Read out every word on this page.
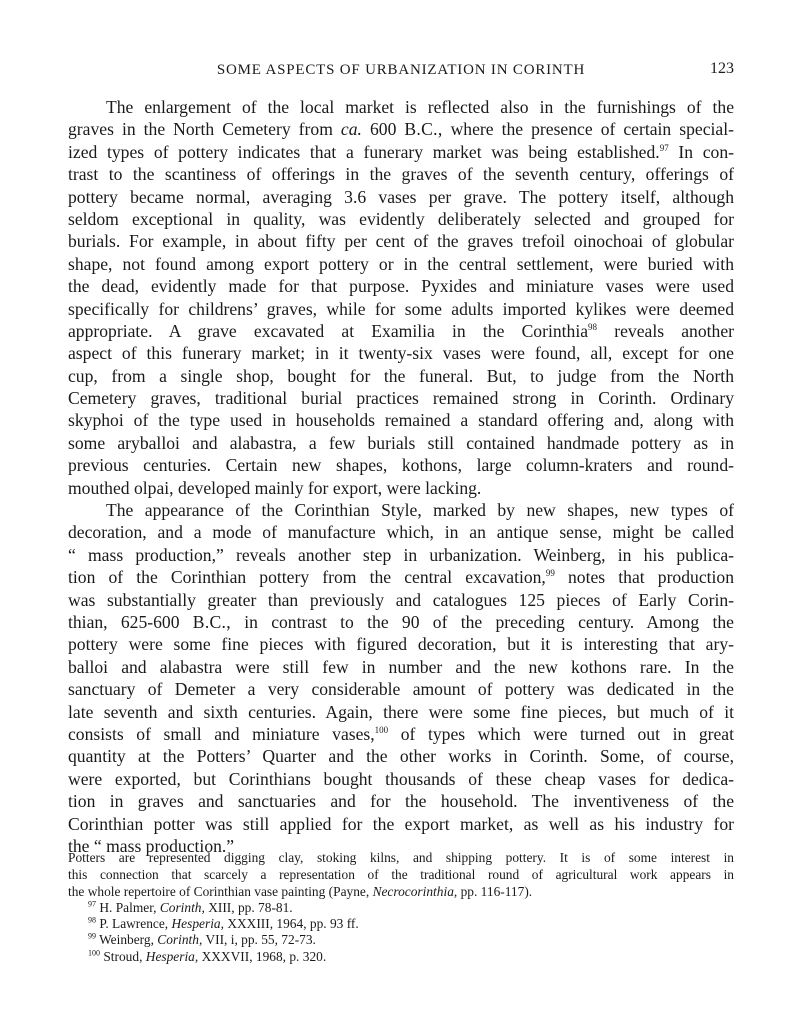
SOME ASPECTS OF URBANIZATION IN CORINTH	123
The enlargement of the local market is reflected also in the furnishings of the
graves in the North Cemetery from ca. 600 B.C., where the presence of certain special-
ized types of pottery indicates that a funerary market was being established.$^{97}$ In con-
trast to the scantiness of offerings in the graves of the seventh century, offerings of
pottery became normal, averaging 3.6 vases per grave. The pottery itself, although
seldom exceptional in quality, was evidently deliberately selected and grouped for
burials. For example, in about fifty per cent of the graves trefoil oinochoai of globular
shape, not found among export pottery or in the central settlement, were buried with
the dead, evidently made for that purpose. Pyxides and miniature vases were used
specifically for childrens’ graves, while for some adults imported kylikes were deemed
appropriate. A grave excavated at Examilia in the Corinthia$^{98}$ reveals another
aspect of this funerary market; in it twenty-six vases were found, all, except for one
cup, from a single shop, bought for the funeral. But, to judge from the North
Cemetery graves, traditional burial practices remained strong in Corinth. Ordinary
skyphoi of the type used in households remained a standard offering and, along with
some aryballoi and alabastra, a few burials still contained handmade pottery as in
previous centuries. Certain new shapes, kothons, large column-kraters and round-
mouthed olpai, developed mainly for export, were lacking.
The appearance of the Corinthian Style, marked by new shapes, new types of
decoration, and a mode of manufacture which, in an antique sense, might be called
“ mass production,” reveals another step in urbanization. Weinberg, in his publica-
tion of the Corinthian pottery from the central excavation,$^{99}$ notes that production
was substantially greater than previously and catalogues 125 pieces of Early Corin-
thian, 625-600 B.C., in contrast to the 90 of the preceding century. Among the
pottery were some fine pieces with figured decoration, but it is interesting that ary-
balloi and alabastra were still few in number and the new kothons rare. In the
sanctuary of Demeter a very considerable amount of pottery was dedicated in the
late seventh and sixth centuries. Again, there were some fine pieces, but much of it
consists of small and miniature vases,$^{100}$ of types which were turned out in great
quantity at the Potters’ Quarter and the other works in Corinth. Some, of course,
were exported, but Corinthians bought thousands of these cheap vases for dedica-
tion in graves and sanctuaries and for the household. The inventiveness of the
Corinthian potter was still applied for the export market, as well as his industry for
the “ mass production.”
Potters are represented digging clay, stoking kilns, and shipping pottery. It is of some interest in
this connection that scarcely a representation of the traditional round of agricultural work appears in
the whole repertoire of Corinthian vase painting (Payne, Necrocorinthia, pp. 116-117).
$^{97}$ H. Palmer, Corinth, XIII, pp. 78-81.
$^{98}$ P. Lawrence, Hesperia, XXXIII, 1964, pp. 93 ff.
$^{99}$ Weinberg, Corinth, VII, i, pp. 55, 72-73.
$^{100}$ Stroud, Hesperia, XXXVII, 1968, p. 320.
